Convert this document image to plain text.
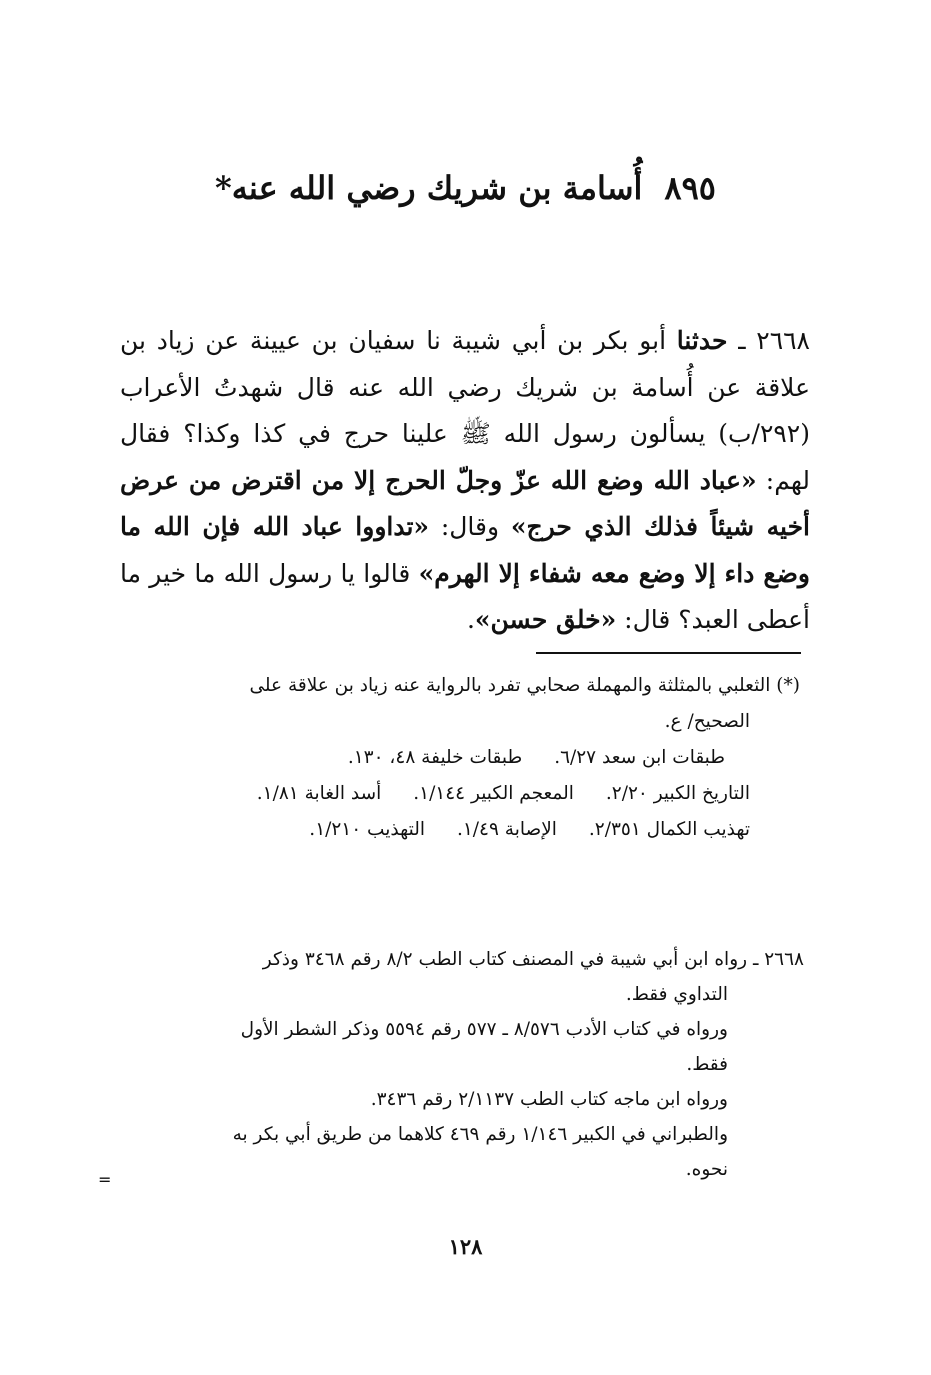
٨٩٥أُسامة بن شريك رضي الله عنه*
٢٦٦٨ ـ حدثنا أبو بكر بن أبي شيبة نا سفيان بن عيينة عن زياد بن علاقة عن أُسامة بن شريك رضي الله عنه قال شهدتُ الأعراب (٢٩٢/ب) يسألون رسول الله ﷺ علينا حرج في كذا وكذا؟ فقال لهم: «عباد الله وضع الله عزّ وجلّ الحرج إلا من اقترض من عرض أخيه شيئاً فذلك الذي حرج» وقال: «تداووا عباد الله فإن الله ما وضع داء إلا وضع معه شفاء إلا الهرم» قالوا يا رسول الله ما خير ما أعطى العبد؟ قال: «خلق حسن».

(*) الثعلبي بالمثلثة والمهملة صحابي تفرد بالرواية عنه زياد بن علاقة على

الصحيح/ ع.

طبقات ابن سعد ٦/٢٧.طبقات خليفة ٤٨، ١٣٠.

التاريخ الكبير ٢/٢٠.المعجم الكبير ١/١٤٤.أسد الغابة ١/٨١.

تهذيب الكمال ٢/٣٥١.الإصابة ١/٤٩.التهذيب ١/٢١٠.

٢٦٦٨ ـ رواه ابن أبي شيبة في المصنف كتاب الطب ٨/٢ رقم ٣٤٦٨ وذكر

التداوي فقط.

ورواه في كتاب الأدب ٨/٥٧٦ ـ ٥٧٧ رقم ٥٥٩٤ وذكر الشطر الأول

فقط.

ورواه ابن ماجه كتاب الطب ٢/١١٣٧ رقم ٣٤٣٦.

والطبراني في الكبير ١/١٤٦ رقم ٤٦٩ كلاهما من طريق أبي بكر به

نحوه.

=
١٢٨
